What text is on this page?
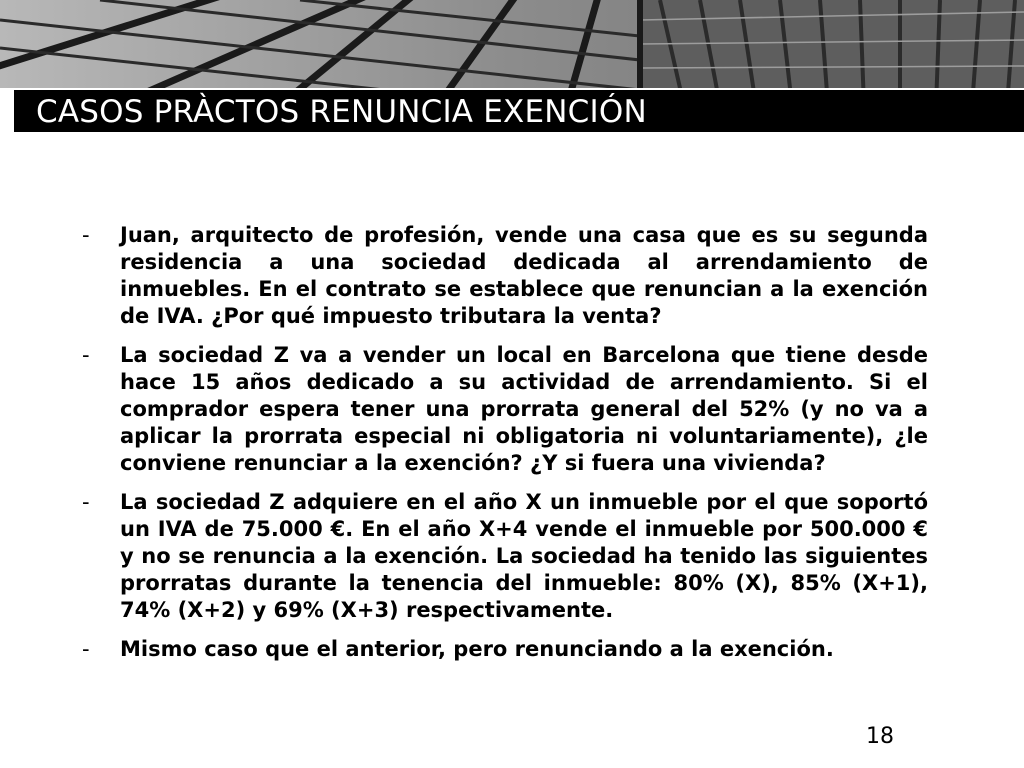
CASOS PRÀCTOS RENUNCIA EXENCIÓN
-	Juan, arquitecto de profesión, vende una casa que es su segunda residencia a una sociedad dedicada al arrendamiento de inmuebles. En el contrato se establece que renuncian a la exención de IVA. ¿Por qué impuesto tributara la venta?
-	La sociedad Z va a vender un local en Barcelona que tiene desde hace 15 años dedicado a su actividad de arrendamiento. Si el comprador espera tener una prorrata general del 52% (y no va a aplicar la prorrata especial ni obligatoria ni voluntariamente), ¿le conviene renunciar a la exención? ¿Y si fuera una vivienda?
-	La sociedad Z adquiere en el año X un inmueble por el que soportó un IVA de 75.000 €. En el año X+4 vende el inmueble por 500.000 € y no se renuncia a la exención. La sociedad ha tenido las siguientes prorratas durante la tenencia del inmueble: 80% (X), 85% (X+1), 74% (X+2) y 69% (X+3) respectivamente.
-	Mismo caso que el anterior, pero renunciando a la exención.
18
